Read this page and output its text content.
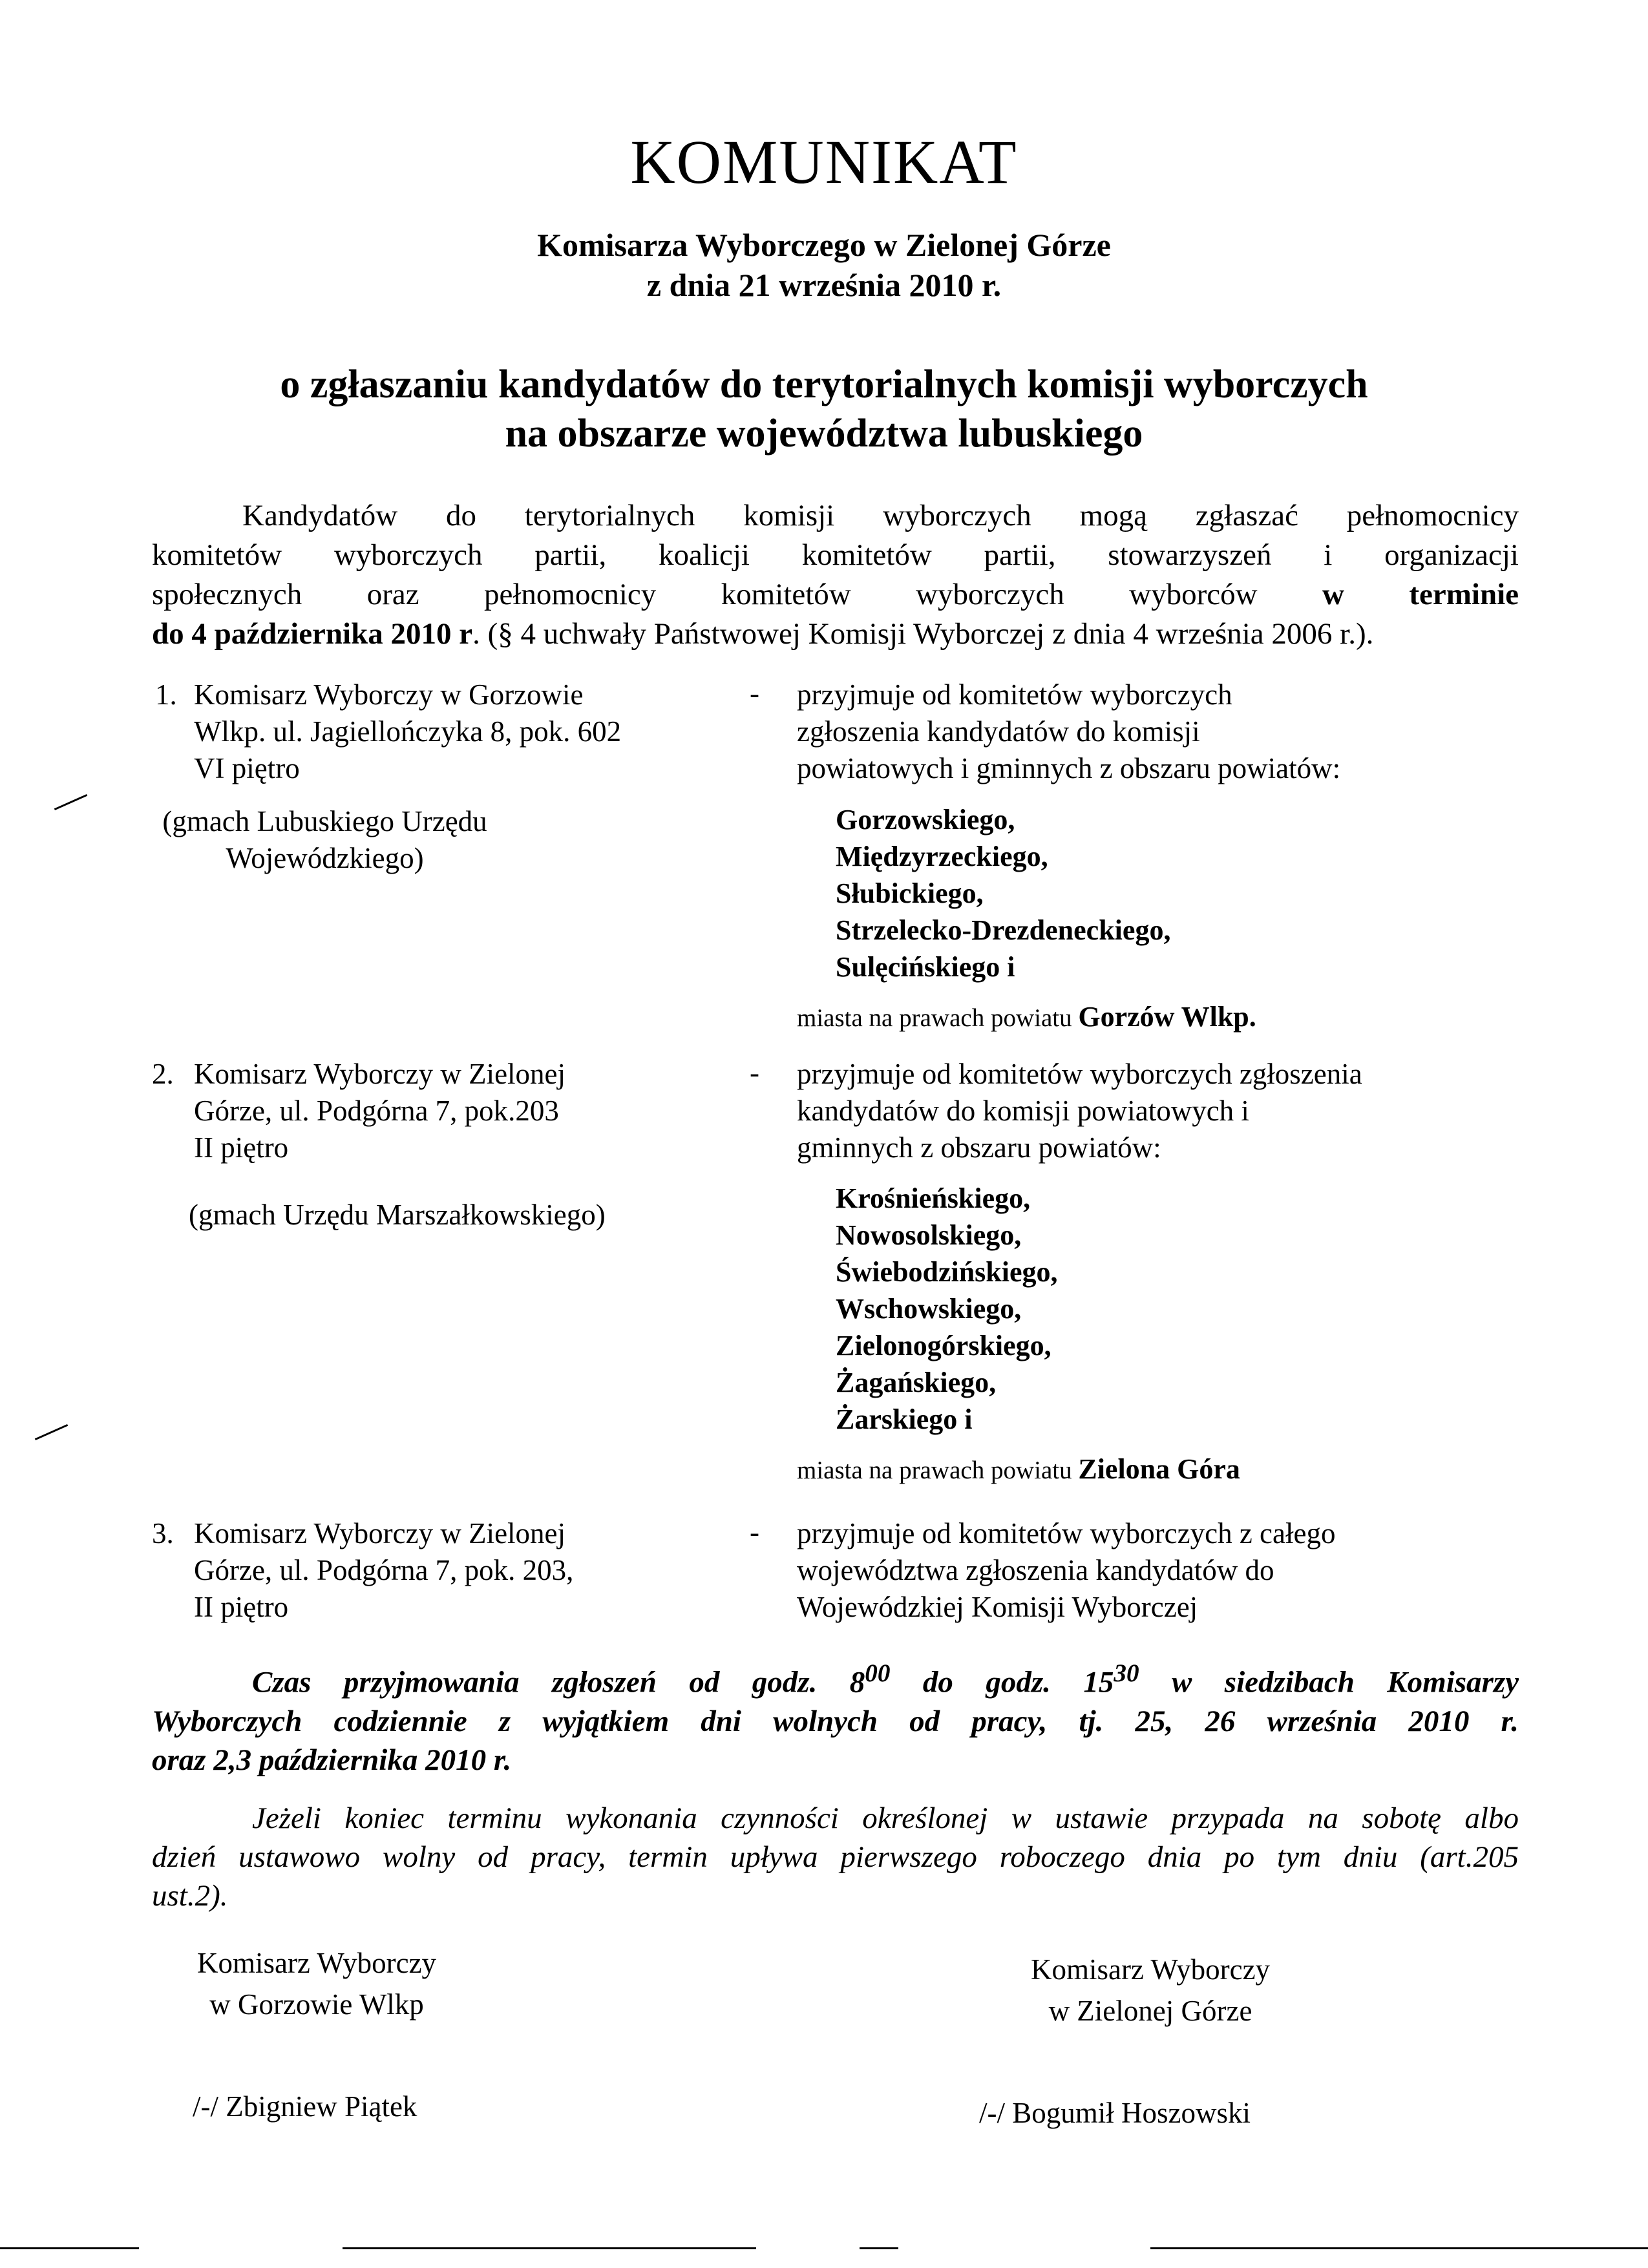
KOMUNIKAT
Komisarza Wyborczego w Zielonej Górze
z dnia 21 września 2010 r.
o zgłaszaniu kandydatów do terytorialnych komisji wyborczych
na obszarze województwa lubuskiego
Kandydatów do terytorialnych komisji wyborczych mogą zgłaszać pełnomocnicy
komitetów wyborczych partii, koalicji komitetów partii, stowarzyszeń i organizacji
społecznych oraz pełnomocnicy komitetów wyborczych wyborców w terminie
do 4 października 2010 r. (§ 4 uchwały Państwowej Komisji Wyborczej z dnia 4 września 2006 r.).
1. Komisarz Wyborczy w Gorzowie
Wlkp. ul. Jagiellończyka 8, pok. 602
VI piętro
(gmach Lubuskiego Urzędu
Wojewódzkiego)
- przyjmuje od komitetów wyborczych
zgłoszenia kandydatów do komisji
powiatowych i gminnych z obszaru powiatów:
Gorzowskiego,
Międzyrzeckiego,
Słubickiego,
Strzelecko-Drezdeneckiego,
Sulęcińskiego i
miasta na prawach powiatu Gorzów Wlkp.
2. Komisarz Wyborczy w Zielonej
Górze, ul. Podgórna 7, pok.203
II piętro
(gmach Urzędu Marszałkowskiego)
- przyjmuje od komitetów wyborczych zgłoszenia
kandydatów do komisji powiatowych i
gminnych z obszaru powiatów:
Krośnieńskiego,
Nowosolskiego,
Świebodzińskiego,
Wschowskiego,
Zielonogórskiego,
Żagańskiego,
Żarskiego i
miasta na prawach powiatu Zielona Góra
3. Komisarz Wyborczy w Zielonej
Górze, ul. Podgórna 7, pok. 203,
II piętro
- przyjmuje od komitetów wyborczych z całego
województwa zgłoszenia kandydatów do
Wojewódzkiej Komisji Wyborczej
Czas przyjmowania zgłoszeń od godz. $8^{00}$ do godz. $15^{30}$ w siedzibach Komisarzy
Wyborczych codziennie z wyjątkiem dni wolnych od pracy, tj. 25, 26 września 2010 r.
oraz 2,3 października 2010 r.
Jeżeli koniec terminu wykonania czynności określonej w ustawie przypada na sobotę albo
dzień ustawowo wolny od pracy, termin upływa pierwszego roboczego dnia po tym dniu (art.205
ust.2).
Komisarz Wyborczy
w Gorzowie Wlkp
/-/ Zbigniew Piątek
Komisarz Wyborczy
w Zielonej Górze
/-/ Bogumił Hoszowski
